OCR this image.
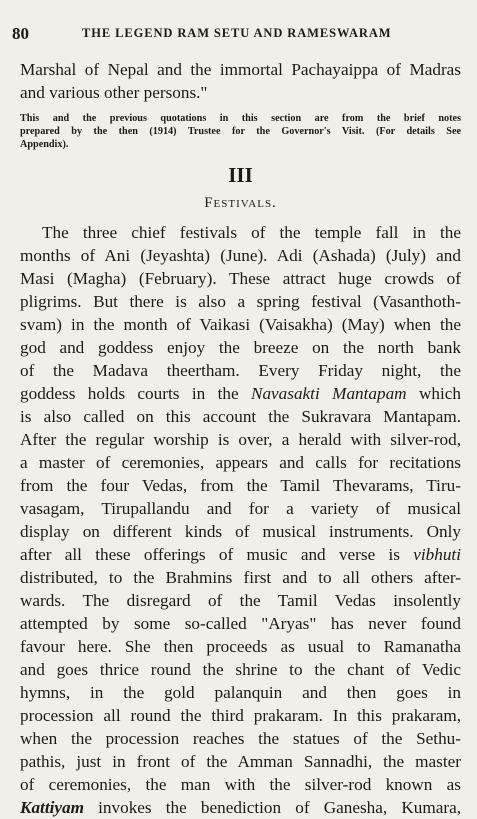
80	THE LEGEND RAM SETU AND RAMESWARAM
Marshal of Nepal and the immortal Pachayaippa of Madras
and various other persons."
This and the previous quotations in this section are from the brief notes
prepared by the then (1914) Trustee for the Governor's Visit. (For details See
Appendix).
III
Festivals.
The three chief festivals of the temple fall in the
months of Ani (Jeyashta) (June). Adi (Ashada) (July) and
Masi (Magha) (February). These attract huge crowds of
pligrims. But there is also a spring festival (Vasanthoth-
svam) in the month of Vaikasi (Vaisakha) (May) when the
god and goddess enjoy the breeze on the north bank
of the Madava theertham. Every Friday night, the
goddess holds courts in the Navasakti Mantapam which
is also called on this account the Sukravara Mantapam.
After the regular worship is over, a herald with silver-rod,
a master of ceremonies, appears and calls for recitations
from the four Vedas, from the Tamil Thevarams, Tiru-
vasagam, Tirupallandu and for a variety of musical
display on different kinds of musical instruments. Only
after all these offerings of music and verse is vibhuti
distributed, to the Brahmins first and to all others after-
wards. The disregard of the Tamil Vedas insolently
attempted by some so-called "Aryas" has never found
favour here. She then proceeds as usual to Ramanatha
and goes thrice round the shrine to the chant of Vedic
hymns, in the gold palanquin and then goes in
procession all round the third prakaram. In this prakaram,
when the procession reaches the statues of the Sethu-
pathis, just in front of the Amman Sannadhi, the master
of ceremonies, the man with the silver-rod known as
Kattiyam invokes the benediction of Ganesha, Kumara,
